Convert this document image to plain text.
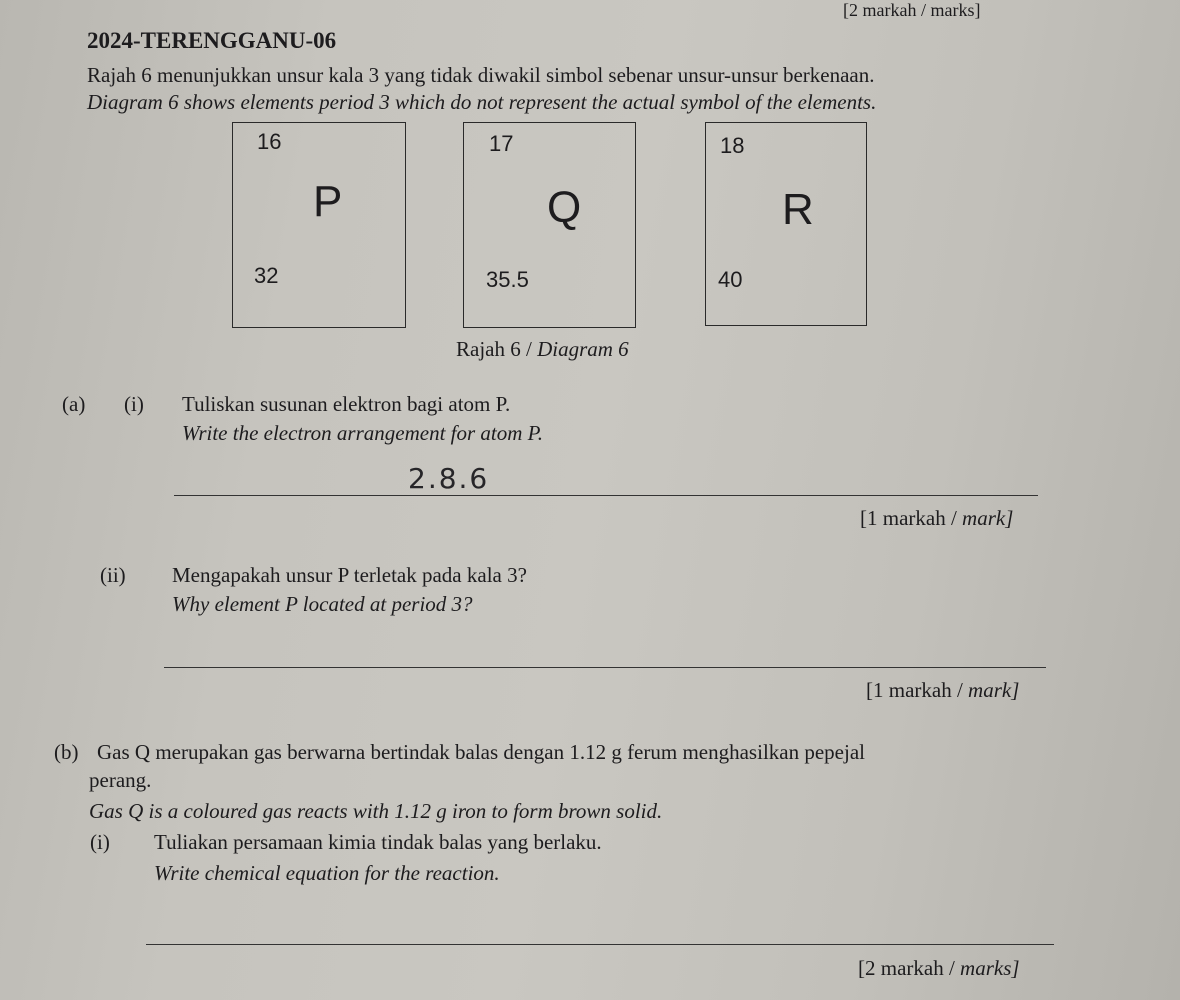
[2 markah / marks]
2024-TERENGGANU-06
Rajah 6 menunjukkan unsur kala 3 yang tidak diwakil simbol sebenar unsur-unsur berkenaan.
Diagram 6 shows elements period 3 which do not represent the actual symbol of the elements.
16
P
32
17
Q
35.5
18
R
40
Rajah 6 / Diagram 6
(a) (i) Tuliskan susunan elektron bagi atom P.
Write the electron arrangement for atom P.
2.8.6
[1 markah / mark]
(ii) Mengapakah unsur P terletak pada kala 3?
Why element P located at period 3?
[1 markah / mark]
(b) Gas Q merupakan gas berwarna bertindak balas dengan 1.12 g ferum menghasilkan pepejal
perang.
Gas Q is a coloured gas reacts with 1.12 g iron to form brown solid.
(i) Tuliakan persamaan kimia tindak balas yang berlaku.
Write chemical equation for the reaction.
[2 markah / marks]
